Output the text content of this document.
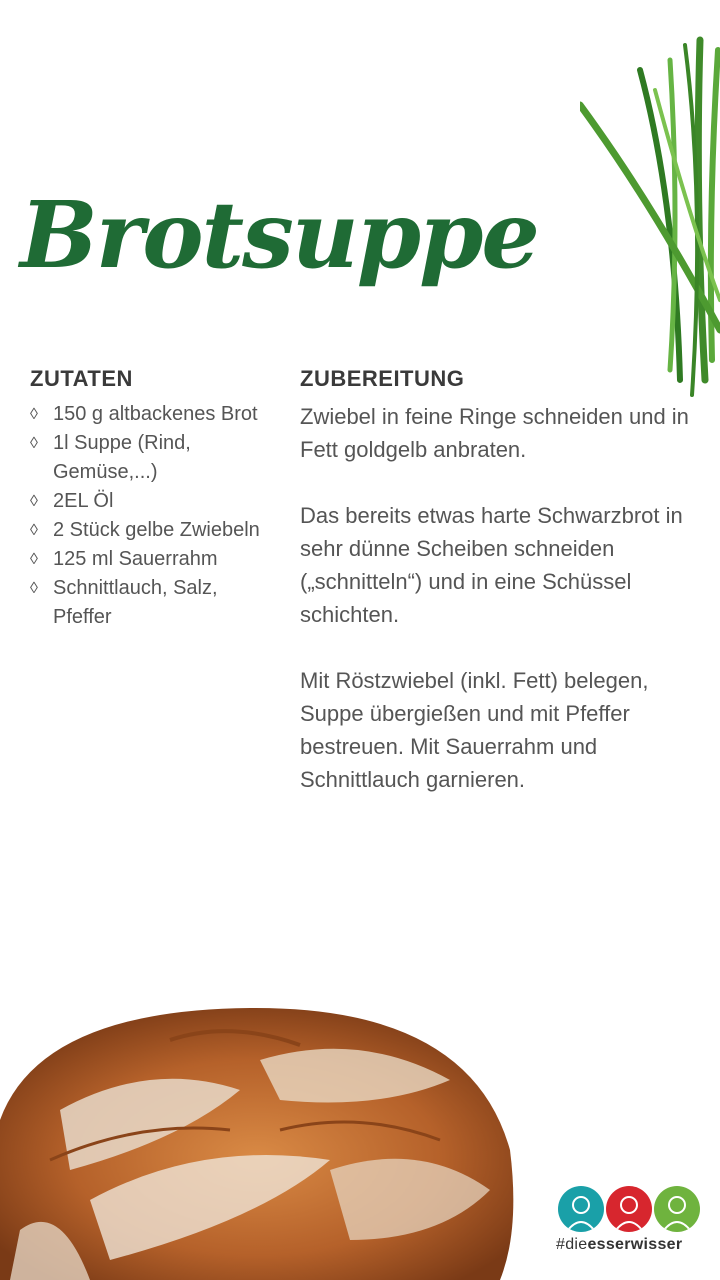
Brotsuppe
ZUTATEN
◊ 150 g altbackenes Brot
◊ 1l Suppe (Rind, Gemüse,...)
◊ 2EL Öl
◊ 2 Stück gelbe Zwiebeln
◊ 125 ml Sauerrahm
◊ Schnittlauch, Salz, Pfeffer
ZUBEREITUNG

Zwiebel in feine Ringe schneiden und in Fett goldgelb anbraten.

Das bereits etwas harte Schwarzbrot in sehr dünne Scheiben schneiden („schnitteln“) und in eine Schüssel schichten.

Mit Röstzwiebel (inkl. Fett) belegen, Suppe übergießen und mit Pfeffer bestreuen. Mit Sauerrahm und Schnittlauch garnieren.

#dieesserwisser
